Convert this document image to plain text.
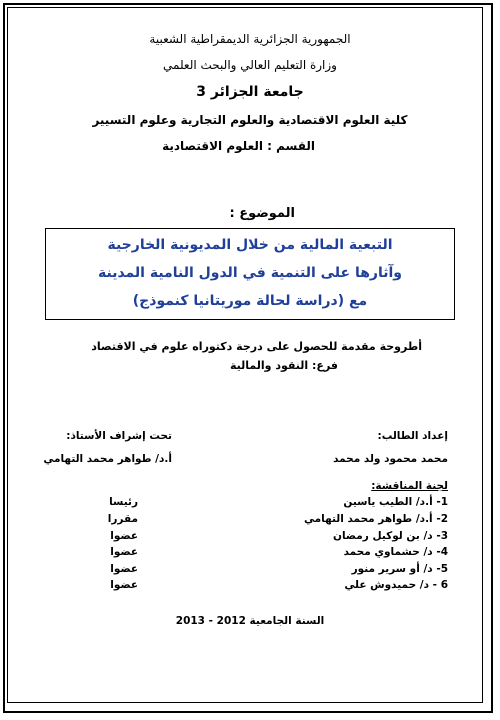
الجمهورية الجزائرية الديمقراطية الشعبية
وزارة التعليم العالي والبحث العلمي
جامعة الجزائر 3
كلية العلوم الاقتصادية والعلوم التجارية وعلوم التسيير
القسم : العلوم الاقتصادية
الموضوع :
التبعية المالية من خلال المديونية الخارجية
وآثارها على التنمية في الدول النامية المدينة
مع (دراسة لحالة موريتانيا كنموذج)
أطروحة مقدمة للحصول على درجة دكتوراه علوم في الاقتصاد
فرع: النقود والمالية
إعداد الطالب:
محمد محمود ولد محمد
تحت إشراف الأستاذ:
أ.د/ طواهر محمد التهامي
لجنة المناقشة:
1- أ.د/ الطيب ياسين
رئيسا
2- أ.د/ طواهر محمد التهامي
مقررا
3- د/ بن لوكيل رمضان
عضوا
4- د/ حشماوي محمد
عضوا
5- د/ أو سرير منور
عضوا
6 - د/ حميدوش علي
عضوا
السنة الجامعية 2012 - 2013
